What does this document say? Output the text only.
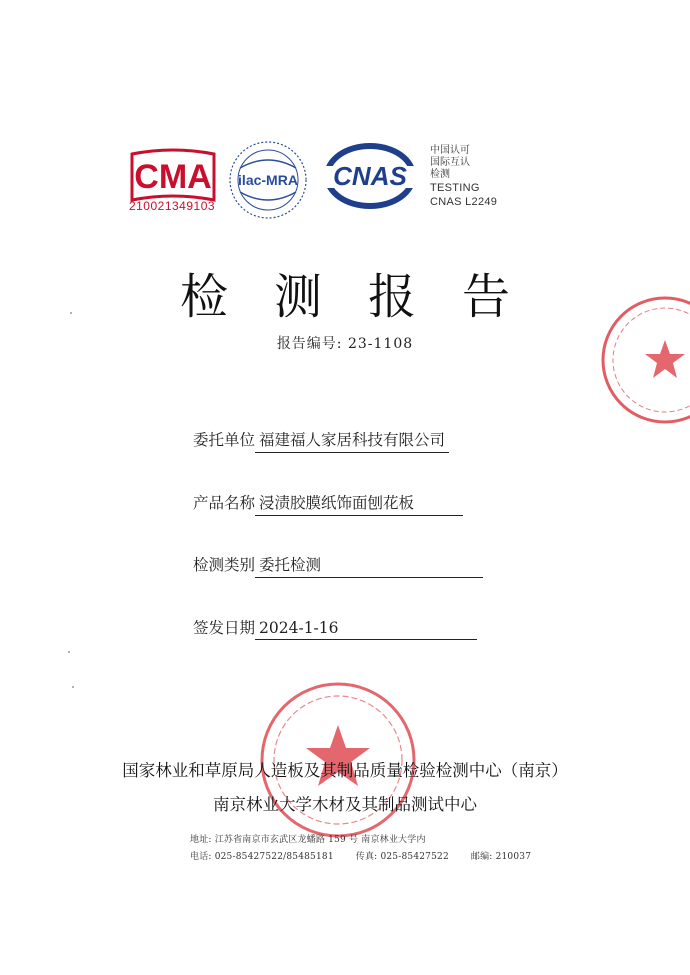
CMA
210021349103
ilac-MRA CNAS
中国认可
国际互认
检测
TESTING
CNAS L2249
检测报告
报告编号: 23-1108
委托单位 福建福人家居科技有限公司
产品名称 浸渍胶膜纸饰面刨花板
检测类别 委托检测
签发日期 2024-1-16
国家林业和草原局人造板及其制品质量检验检测中心（南京）
南京林业大学木材及其制品测试中心
地址: 江苏省南京市玄武区龙蟠路 159 号 南京林业大学内
电话: 025-85427522/85485181 传真: 025-85427522 邮编: 210037
